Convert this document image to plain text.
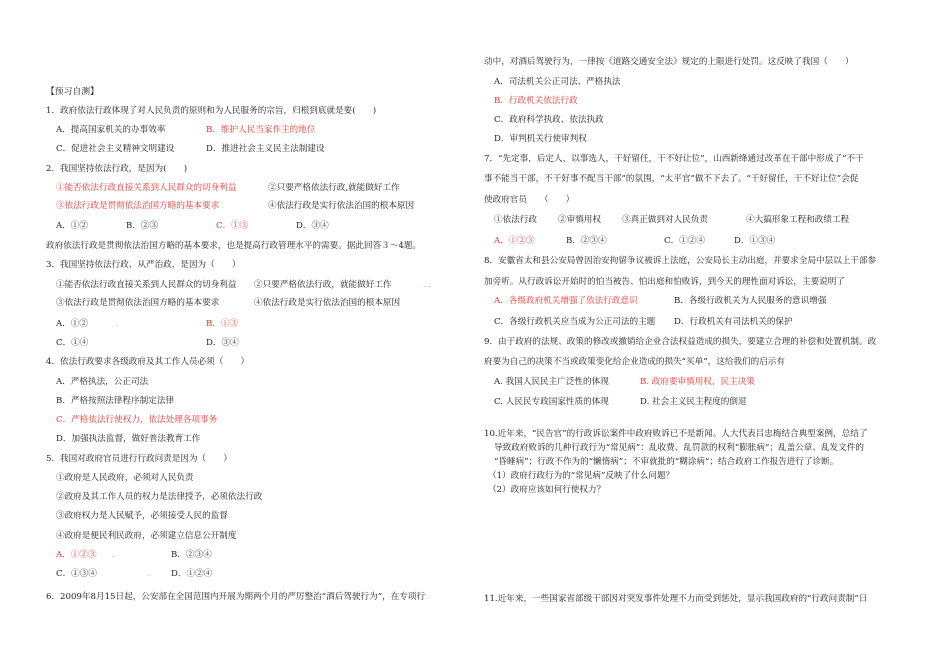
【预习自测】
1．政府依法行政体现了对人民负责的原则和为人民服务的宗旨，归根到底就是要(　　)
A．提高国家机关的办事效率	B．维护人民当家作主的地位
C．促进社会主义精神文明建设	D．推进社会主义民主法制建设
2．我国坚持依法行政，是因为(　　)
①能否依法行政直接关系到人民群众的切身利益	②只要严格依法行政,就能做好工作
③依法行政是贯彻依法治国方略的基本要求	④依法行政是实行依法治国的根本原因
A．①②	B．②③	C．①③	D．③④
政府依法行政是贯彻依法治国方略的基本要求，也是提高行政管理水平的需要。据此回答３～4题。
3．我国坚持依法行政、从严治政，是因为（　　）
①能否依法行政直接关系到人民群众的切身利益 ②只要严格依法行政，就能做好工作	. .
③依法行政是贯彻依法治国方略的基本要求	④依法行政是实行依法治国的根本原因
A．①②	.	B．①③
C．①④	D．③④
4．依法行政要求各级政府及其工作人员必须（　　）
A．严格执法，公正司法
B．严格按照法律程序制定法律
C．严格依法行使权力，依法处理各项事务
D．加强执法监督，做好普法教育工作
5．我国对政府官员进行行政问责是因为（　　）
①政府是人民政府，必须对人民负责
②政府及其工作人员的权力是法律授予，必须依法行政
③政府权力是人民赋予，必须接受人民的监督
④政府是便民利民政府，必须建立信息公开制度
A．①②③ .	B．②③④
C．①③④	. D．①②④
6．2009年8月15日起，公安部在全国范围内开展为期两个月的严厉整治“酒后驾驶行为”，在专项行
动中，对酒后驾驶行为，一律按《道路交通安全法》规定的上限进行处罚。这反映了我国（　　）
A．司法机关公正司法、严格执法
B．行政机关依法行政
C．政府科学执政、依法执政
D．审判机关行使审判权
7．“先定事，后定人，以事选人，干好留任，干不好让位”，山西新绛通过改革在干部中形成了“不干
事不能当干部，不干好事不配当干部”的氛围，“太平官”做不下去了。“干好留任，干不好让位”会促
使政府官员　　（　　）
①依法行政 ②审慎用权 ③真正做到对人民负责	④大搞形象工程和政绩工程
A．①②③	B．②③④	C．①②④	D．①③④
8．安徽省太和县公安局曾因治安拘留争议被诉上法庭，公安局长主动出庭，并要求全局中层以上干部参
加旁听。从行政诉讼开始时的怕当被告、怕出庭和怕败诉，到今天的理性面对诉讼，主要说明了
A．各级政府机关增强了依法行政意识	B．各级行政机关为人民服务的意识增强
C．各级行政机关应当成为公正司法的主题 D．行政机关有司法机关的保护
9．由于政府的法规、政策的修改或撤销给企业合法权益造成的损失，要建立合理的补偿和处置机制。政
府要为自己的决策不当或政策变化给企业造成的损失“买单”，这给我们的启示有
A. 我国人民民主广泛性的体现	B. 政府要审慎用权，民主决策
C. 人民民专政国家性质的体现	D. 社会主义民主程度的倒退
10.近年来，“民告官”的行政诉讼案件中政府败诉已不是新闻。人大代表吕忠梅结合典型案例，总结了
导致政府败诉的几种行政行为“常见病”：乱收费、乱罚款的权利“膨胀病”；乱盖公章、乱发文件的
“昏睡病”；行政不作为的“懒惰病”；不审就批的“糊涂病”；结合政府工作报告进行了诊断。
（1）政府行政行为的“常见病”反映了什么问题？
（2）政府应该如何行使权力？
11.近年来，一些国家省部级干部因对突发事件处理不力而受到惩处，显示我国政府的“行政问责制”日
